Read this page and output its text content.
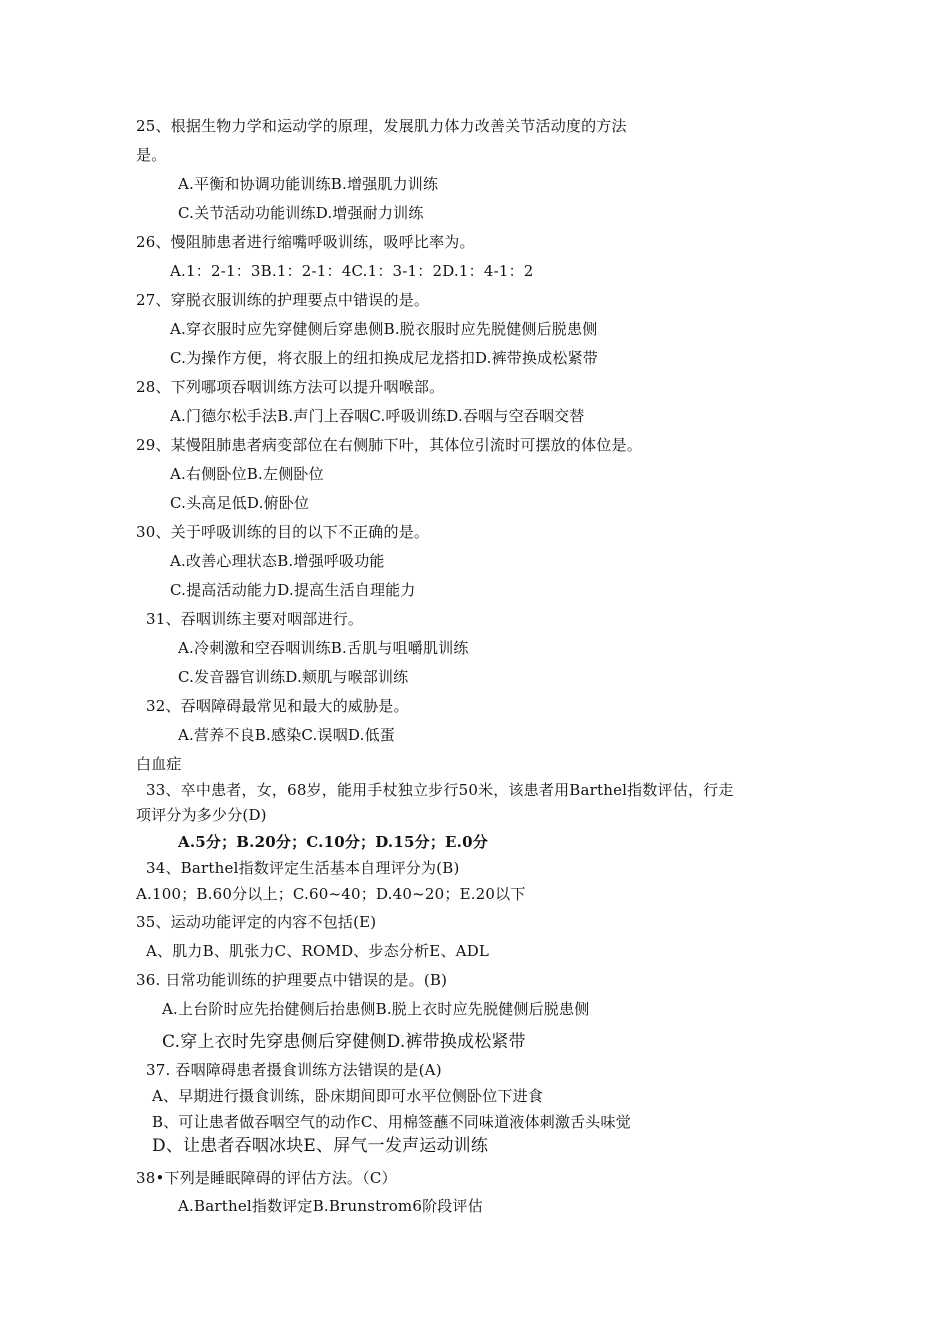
25、根据生物力学和运动学的原理，发展肌力体力改善关节活动度的方法
是。
A.平衡和协调功能训练B.增强肌力训练
C.关节活动功能训练D.增强耐力训练
26、慢阻肺患者进行缩嘴呼吸训练，吸呼比率为。
A.1：2-1：3B.1：2-1：4C.1：3-1：2D.1：4-1：2
27、穿脱衣服训练的护理要点中错误的是。
A.穿衣服时应先穿健侧后穿患侧B.脱衣服时应先脱健侧后脱患侧
C.为操作方便，将衣服上的纽扣换成尼龙搭扣D.裤带换成松紧带
28、下列哪项吞咽训练方法可以提升咽喉部。
A.门德尔松手法B.声门上吞咽C.呼吸训练D.吞咽与空吞咽交替
29、某慢阻肺患者病变部位在右侧肺下叶，其体位引流时可摆放的体位是。
A.右侧卧位B.左侧卧位
C.头高足低D.俯卧位
30、关于呼吸训练的目的以下不正确的是。
A.改善心理状态B.增强呼吸功能
C.提高活动能力D.提高生活自理能力
31、吞咽训练主要对咽部进行。
A.冷刺激和空吞咽训练B.舌肌与咀嚼肌训练
C.发音器官训练D.颊肌与喉部训练
32、吞咽障碍最常见和最大的威胁是。
A.营养不良B.感染C.误咽D.低蛋
白血症
33、卒中患者，女，68岁，能用手杖独立步行50米，该患者用Barthel指数评估，行走
项评分为多少分(D)
A.5分；B.20分；C.10分；D.15分；E.0分
34、Barthel指数评定生活基本自理评分为(B)
A.100；B.60分以上；C.60~40；D.40~20；E.20以下
35、运动功能评定的内容不包括(E)
A、肌力B、肌张力C、ROMD、步态分析E、ADL
36. 日常功能训练的护理要点中错误的是。(B)
A.上台阶时应先抬健侧后抬患侧B.脱上衣时应先脱健侧后脱患侧
C.穿上衣时先穿患侧后穿健侧D.裤带换成松紧带
37. 吞咽障碍患者摄食训练方法错误的是(A)
A、早期进行摄食训练，卧床期间即可水平位侧卧位下进食
B、可让患者做吞咽空气的动作C、用棉签蘸不同味道液体刺激舌头味觉
D、让患者吞咽冰块E、屏气一发声运动训练
38•下列是睡眠障碍的评估方法。（C）
A.Barthel指数评定B.Brunstrom6阶段评估
